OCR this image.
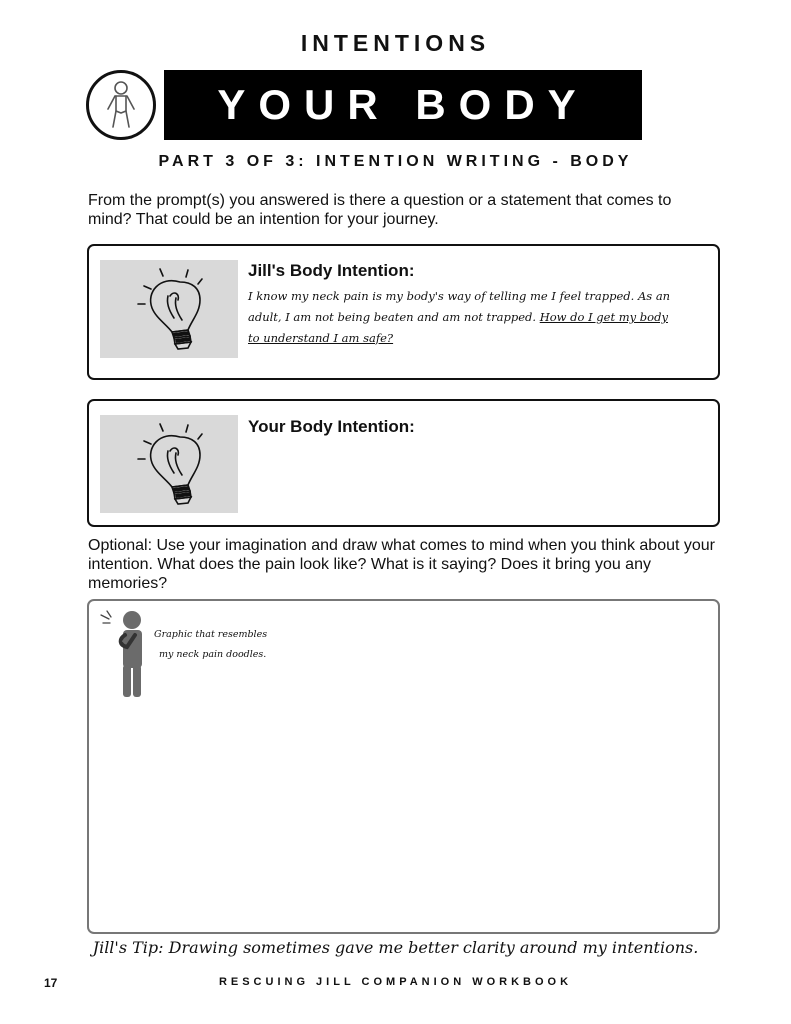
INTENTIONS
YOUR BODY
PART 3 OF 3: INTENTION WRITING - BODY
From the prompt(s) you answered is there a question or a statement that comes to mind? That could be an intention for your journey.
Jill's Body Intention:
I know my neck pain is my body's way of telling me I feel trapped. As an adult, I am not being beaten and am not trapped. How do I get my body to understand I am safe?
Your Body Intention:
Optional: Use your imagination and draw what comes to mind when you think about your intention. What does the pain look like? What is it saying? Does it bring you any memories?
Graphic that resembles
my neck pain doodles.
Jill's Tip: Drawing sometimes gave me better clarity around my intentions.
17	RESCUING JILL COMPANION WORKBOOK
